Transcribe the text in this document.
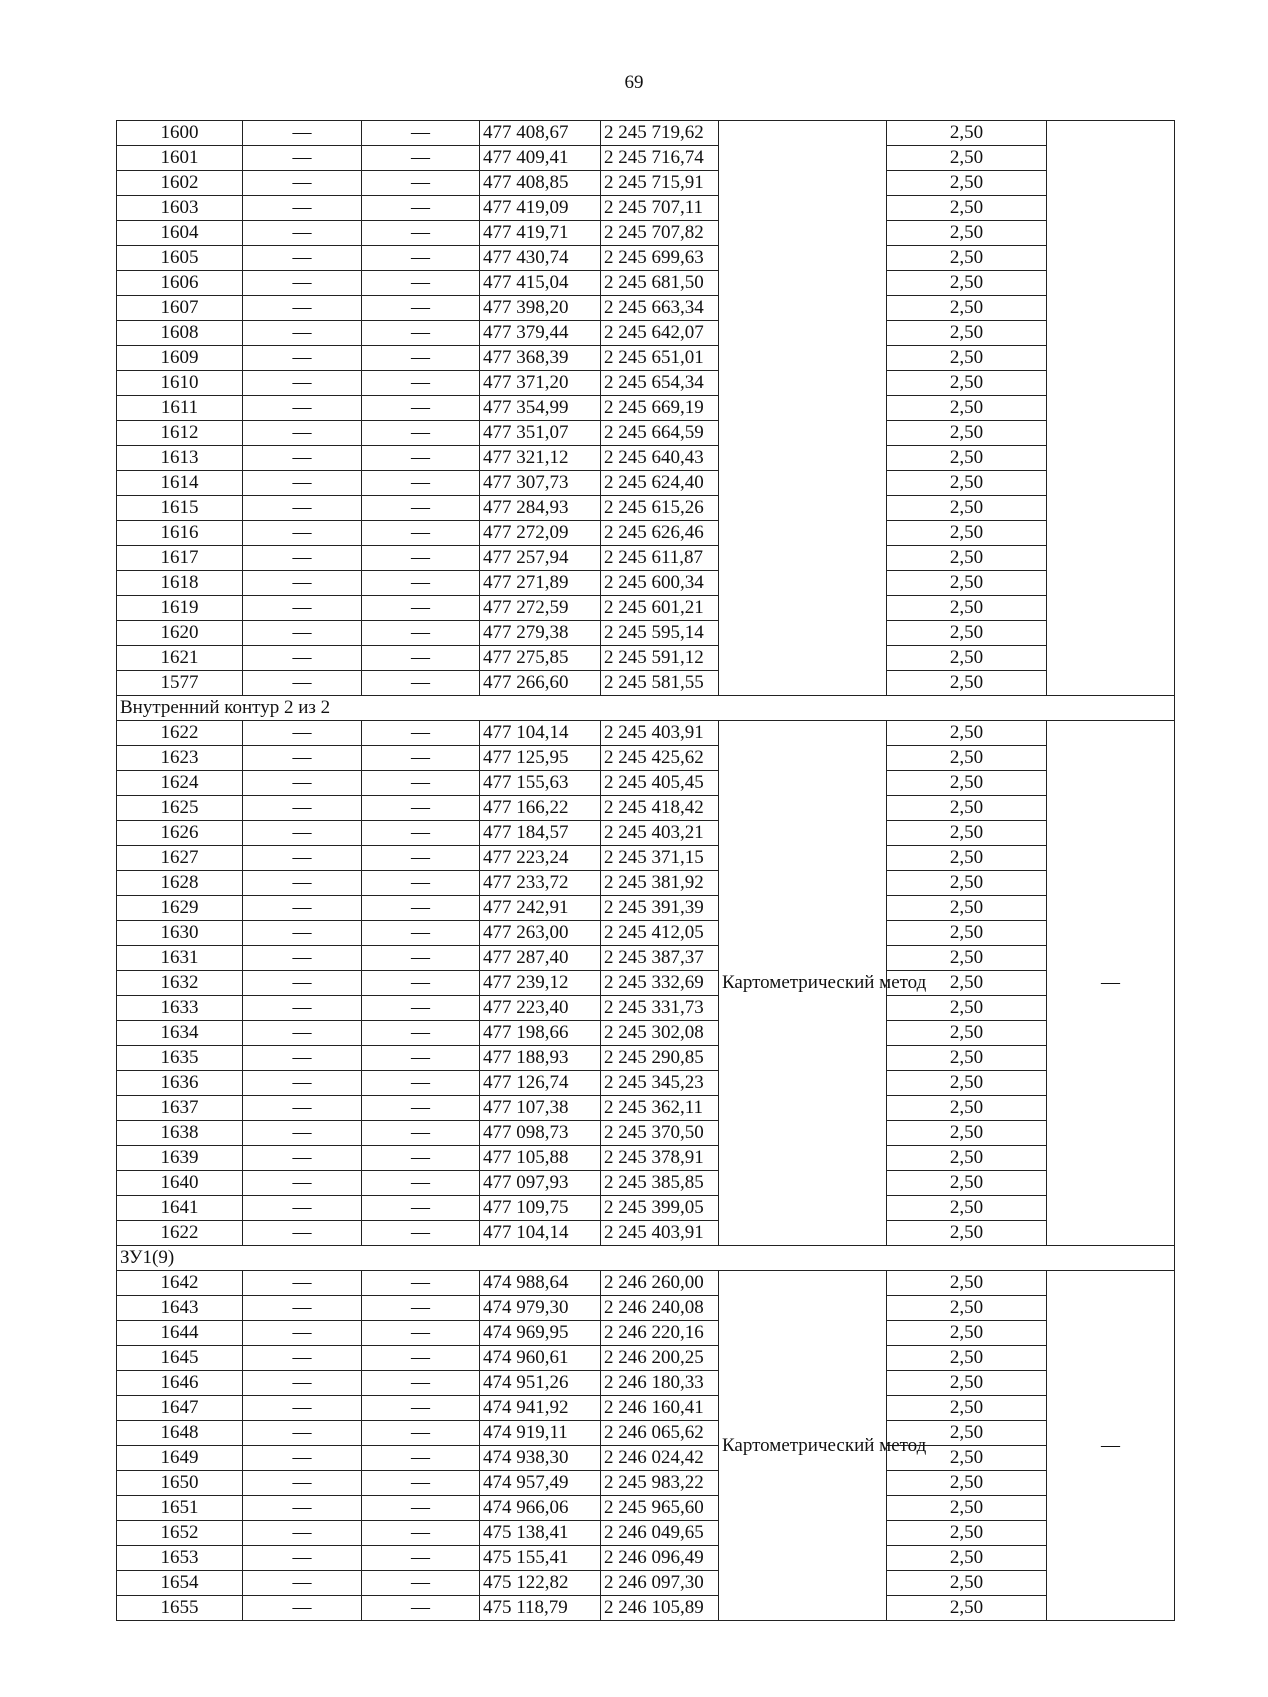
69
1600	—	—	477 408,67	2 245 719,62		2,50	
1601	—	—	477 409,41	2 245 716,74		2,50	
1602	—	—	477 408,85	2 245 715,91		2,50	
1603	—	—	477 419,09	2 245 707,11		2,50	
1604	—	—	477 419,71	2 245 707,82		2,50	
1605	—	—	477 430,74	2 245 699,63		2,50	
1606	—	—	477 415,04	2 245 681,50		2,50	
1607	—	—	477 398,20	2 245 663,34		2,50	
1608	—	—	477 379,44	2 245 642,07		2,50	
1609	—	—	477 368,39	2 245 651,01		2,50	
1610	—	—	477 371,20	2 245 654,34		2,50	
1611	—	—	477 354,99	2 245 669,19		2,50	
1612	—	—	477 351,07	2 245 664,59		2,50	
1613	—	—	477 321,12	2 245 640,43		2,50	
1614	—	—	477 307,73	2 245 624,40		2,50	
1615	—	—	477 284,93	2 245 615,26		2,50	
1616	—	—	477 272,09	2 245 626,46		2,50	
1617	—	—	477 257,94	2 245 611,87		2,50	
1618	—	—	477 271,89	2 245 600,34		2,50	
1619	—	—	477 272,59	2 245 601,21		2,50	
1620	—	—	477 279,38	2 245 595,14		2,50	
1621	—	—	477 275,85	2 245 591,12		2,50	
1577	—	—	477 266,60	2 245 581,55		2,50	
Внутренний контур 2 из 2							
1622	—	—	477 104,14	2 245 403,91	Картометрический метод	2,50	—
1623	—	—	477 125,95	2 245 425,62		2,50	
1624	—	—	477 155,63	2 245 405,45		2,50	
1625	—	—	477 166,22	2 245 418,42		2,50	
1626	—	—	477 184,57	2 245 403,21		2,50	
1627	—	—	477 223,24	2 245 371,15		2,50	
1628	—	—	477 233,72	2 245 381,92		2,50	
1629	—	—	477 242,91	2 245 391,39		2,50	
1630	—	—	477 263,00	2 245 412,05		2,50	
1631	—	—	477 287,40	2 245 387,37		2,50	
1632	—	—	477 239,12	2 245 332,69		2,50	
1633	—	—	477 223,40	2 245 331,73		2,50	
1634	—	—	477 198,66	2 245 302,08		2,50	
1635	—	—	477 188,93	2 245 290,85		2,50	
1636	—	—	477 126,74	2 245 345,23		2,50	
1637	—	—	477 107,38	2 245 362,11		2,50	
1638	—	—	477 098,73	2 245 370,50		2,50	
1639	—	—	477 105,88	2 245 378,91		2,50	
1640	—	—	477 097,93	2 245 385,85		2,50	
1641	—	—	477 109,75	2 245 399,05		2,50	
1622	—	—	477 104,14	2 245 403,91		2,50	
ЗУ1(9)							
1642	—	—	474 988,64	2 246 260,00	Картометрический метод	2,50	—
1643	—	—	474 979,30	2 246 240,08		2,50	
1644	—	—	474 969,95	2 246 220,16		2,50	
1645	—	—	474 960,61	2 246 200,25		2,50	
1646	—	—	474 951,26	2 246 180,33		2,50	
1647	—	—	474 941,92	2 246 160,41		2,50	
1648	—	—	474 919,11	2 246 065,62		2,50	
1649	—	—	474 938,30	2 246 024,42		2,50	
1650	—	—	474 957,49	2 245 983,22		2,50	
1651	—	—	474 966,06	2 245 965,60		2,50	
1652	—	—	475 138,41	2 246 049,65		2,50	
1653	—	—	475 155,41	2 246 096,49		2,50	
1654	—	—	475 122,82	2 246 097,30		2,50	
1655	—	—	475 118,79	2 246 105,89		2,50	
